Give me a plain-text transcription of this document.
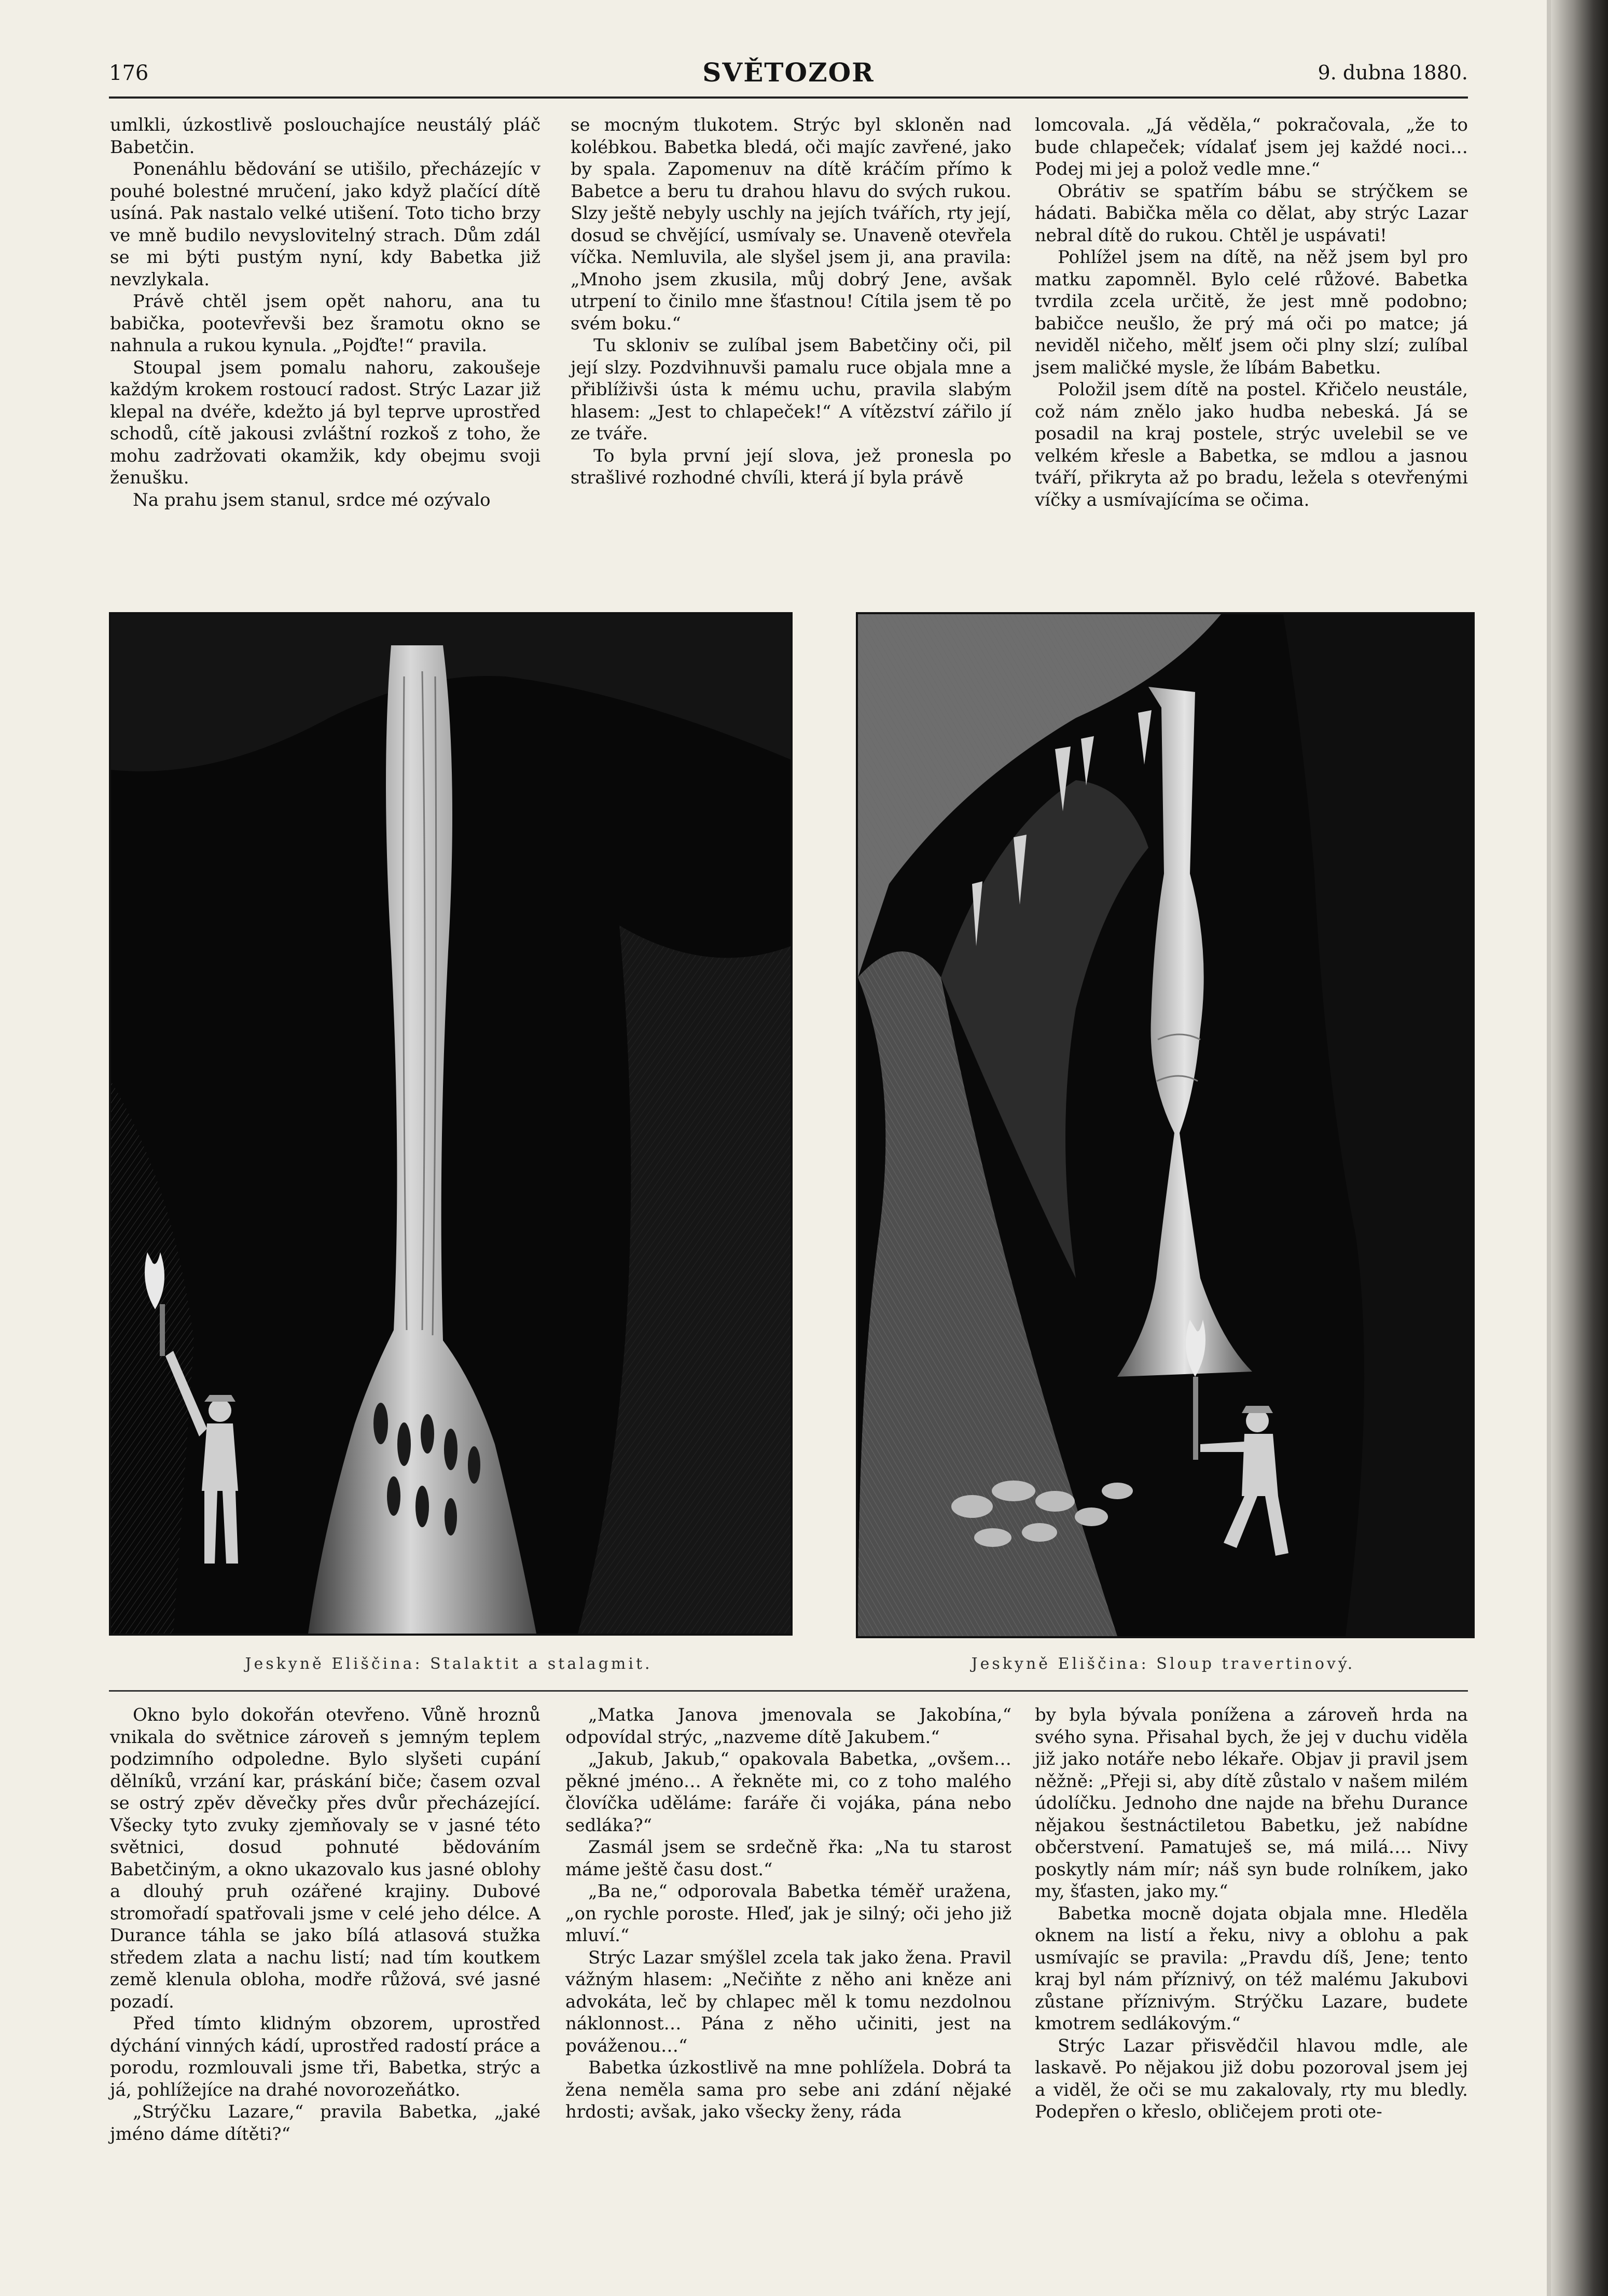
176	SVĚTOZOR	9. dubna 1880.

umlkli, úzkostlivě poslouchajíce neustálý pláč Babetčin.

Ponenáhlu bědování se utišilo, přecházejíc v pouhé bolestné mručení, jako když plačící dítě usíná. Pak nastalo velké utišení. Toto ticho brzy ve mně budilo nevyslovitelný strach. Dům zdál se mi býti pustým nyní, kdy Babetka již nevzlykala.

Právě chtěl jsem opět nahoru, ana tu babička, pootevřevši bez šramotu okno se nahnula a rukou kynula. „Pojďte!“ pravila.

Stoupal jsem pomalu nahoru, zakoušeje každým krokem rostoucí radost. Strýc Lazar již klepal na dvéře, kdežto já byl teprve uprostřed schodů, cítě jakousi zvláštní rozkoš z toho, že mohu zadržovati okamžik, kdy obejmu svoji ženušku.

Na prahu jsem stanul, srdce mé ozývalo

se mocným tlukotem. Strýc byl skloněn nad kolébkou. Babetka bledá, oči majíc zavřené, jako by spala. Zapomenuv na dítě kráčím přímo k Babetce a beru tu drahou hlavu do svých rukou. Slzy ještě nebyly uschly na jejích tvářích, rty její, dosud se chvějící, usmívaly se. Unaveně otevřela víčka. Nemluvila, ale slyšel jsem ji, ana pravila: „Mnoho jsem zkusila, můj dobrý Jene, avšak utrpení to činilo mne šťastnou! Cítila jsem tě po svém boku.“

Tu skloniv se zulíbal jsem Babetčiny oči, pil její slzy. Pozdvihnuvši pamalu ruce objala mne a přiblíživši ústa k mému uchu, pravila slabým hlasem: „Jest to chlapeček!“ A vítězství zářilo jí ze tváře.

To byla první její slova, jež pronesla po strašlivé rozhodné chvíli, která jí byla právě

lomcovala. „Já věděla,“ pokračovala, „že to bude chlapeček; vídalať jsem jej každé noci… Podej mi jej a polož vedle mne.“

Obrátiv se spatřím bábu se strýčkem se hádati. Babička měla co dělat, aby strýc Lazar nebral dítě do rukou. Chtěl je uspávati!

Pohlížel jsem na dítě, na něž jsem byl pro matku zapomněl. Bylo celé růžové. Babetka tvrdila zcela určitě, že jest mně podobno; babičce neušlo, že prý má oči po matce; já neviděl ničeho, mělť jsem oči plny slzí; zulíbal jsem maličké mysle, že líbám Babetku.

Položil jsem dítě na postel. Křičelo neustále, což nám znělo jako hudba nebeská. Já se posadil na kraj postele, strýc uvelebil se ve velkém křesle a Babetka, se mdlou a jasnou tváří, přikryta až po bradu, ležela s otevřenými víčky a usmívajícíma se očima.

Jeskyně Eliščina: Stalaktit a stalagmit.	Jeskyně Eliščina: Sloup travertinový.

Okno bylo dokořán otevřeno. Vůně hroznů vnikala do světnice zároveň s jemným teplem podzimního odpoledne. Bylo slyšeti cupání dělníků, vrzání kar, práskání biče; časem ozval se ostrý zpěv děvečky přes dvůr přecházející. Všecky tyto zvuky zjemňovaly se v jasné této světnici, dosud pohnuté bědováním Babetčiným, a okno ukazovalo kus jasné oblohy a dlouhý pruh ozářené krajiny. Dubové stromořadí spatřovali jsme v celé jeho délce. A Durance táhla se jako bílá atlasová stužka středem zlata a nachu listí; nad tím koutkem země klenula obloha, modře růžová, své jasné pozadí.

Před tímto klidným obzorem, uprostřed dýchání vinných kádí, uprostřed radostí práce a porodu, rozmlouvali jsme tři, Babetka, strýc a já, pohlížejíce na drahé novorozeňátko.

„Strýčku Lazare,“ pravila Babetka, „jaké jméno dáme dítěti?“

„Matka Janova jmenovala se Jakobína,“ odpovídal strýc, „nazveme dítě Jakubem.“

„Jakub, Jakub,“ opakovala Babetka, „ovšem… pěkné jméno… A řekněte mi, co z toho malého človíčka uděláme: faráře či vojáka, pána nebo sedláka?“

Zasmál jsem se srdečně řka: „Na tu starost máme ještě času dost.“

„Ba ne,“ odporovala Babetka téměř uražena, „on rychle poroste. Hleď, jak je silný; oči jeho již mluví.“

Strýc Lazar smýšlel zcela tak jako žena. Pravil vážným hlasem: „Nečiňte z něho ani kněze ani advokáta, leč by chlapec měl k tomu nezdolnou náklonnost… Pána z něho učiniti, jest na pováženou…“

Babetka úzkostlivě na mne pohlížela. Dobrá ta žena neměla sama pro sebe ani zdání nějaké hrdosti; avšak, jako všecky ženy, ráda

by byla bývala ponížena a zároveň hrda na svého syna. Přisahal bych, že jej v duchu viděla již jako notáře nebo lékaře. Objav ji pravil jsem něžně: „Přeji si, aby dítě zůstalo v našem milém údolíčku. Jednoho dne najde na břehu Durance nějakou šestnáctiletou Babetku, jež nabídne občerstvení. Pamatuješ se, má milá…. Nivy poskytly nám mír; náš syn bude rolníkem, jako my, šťasten, jako my.“

Babetka mocně dojata objala mne. Hleděla oknem na listí a řeku, nivy a oblohu a pak usmívajíc se pravila: „Pravdu díš, Jene; tento kraj byl nám příznivý, on též malému Jakubovi zůstane příznivým. Strýčku Lazare, budete kmotrem sedlákovým.“

Strýc Lazar přisvědčil hlavou mdle, ale laskavě. Po nějakou již dobu pozoroval jsem jej a viděl, že oči se mu zakalovaly, rty mu bledly. Podepřen o křeslo, obličejem proti ote-
